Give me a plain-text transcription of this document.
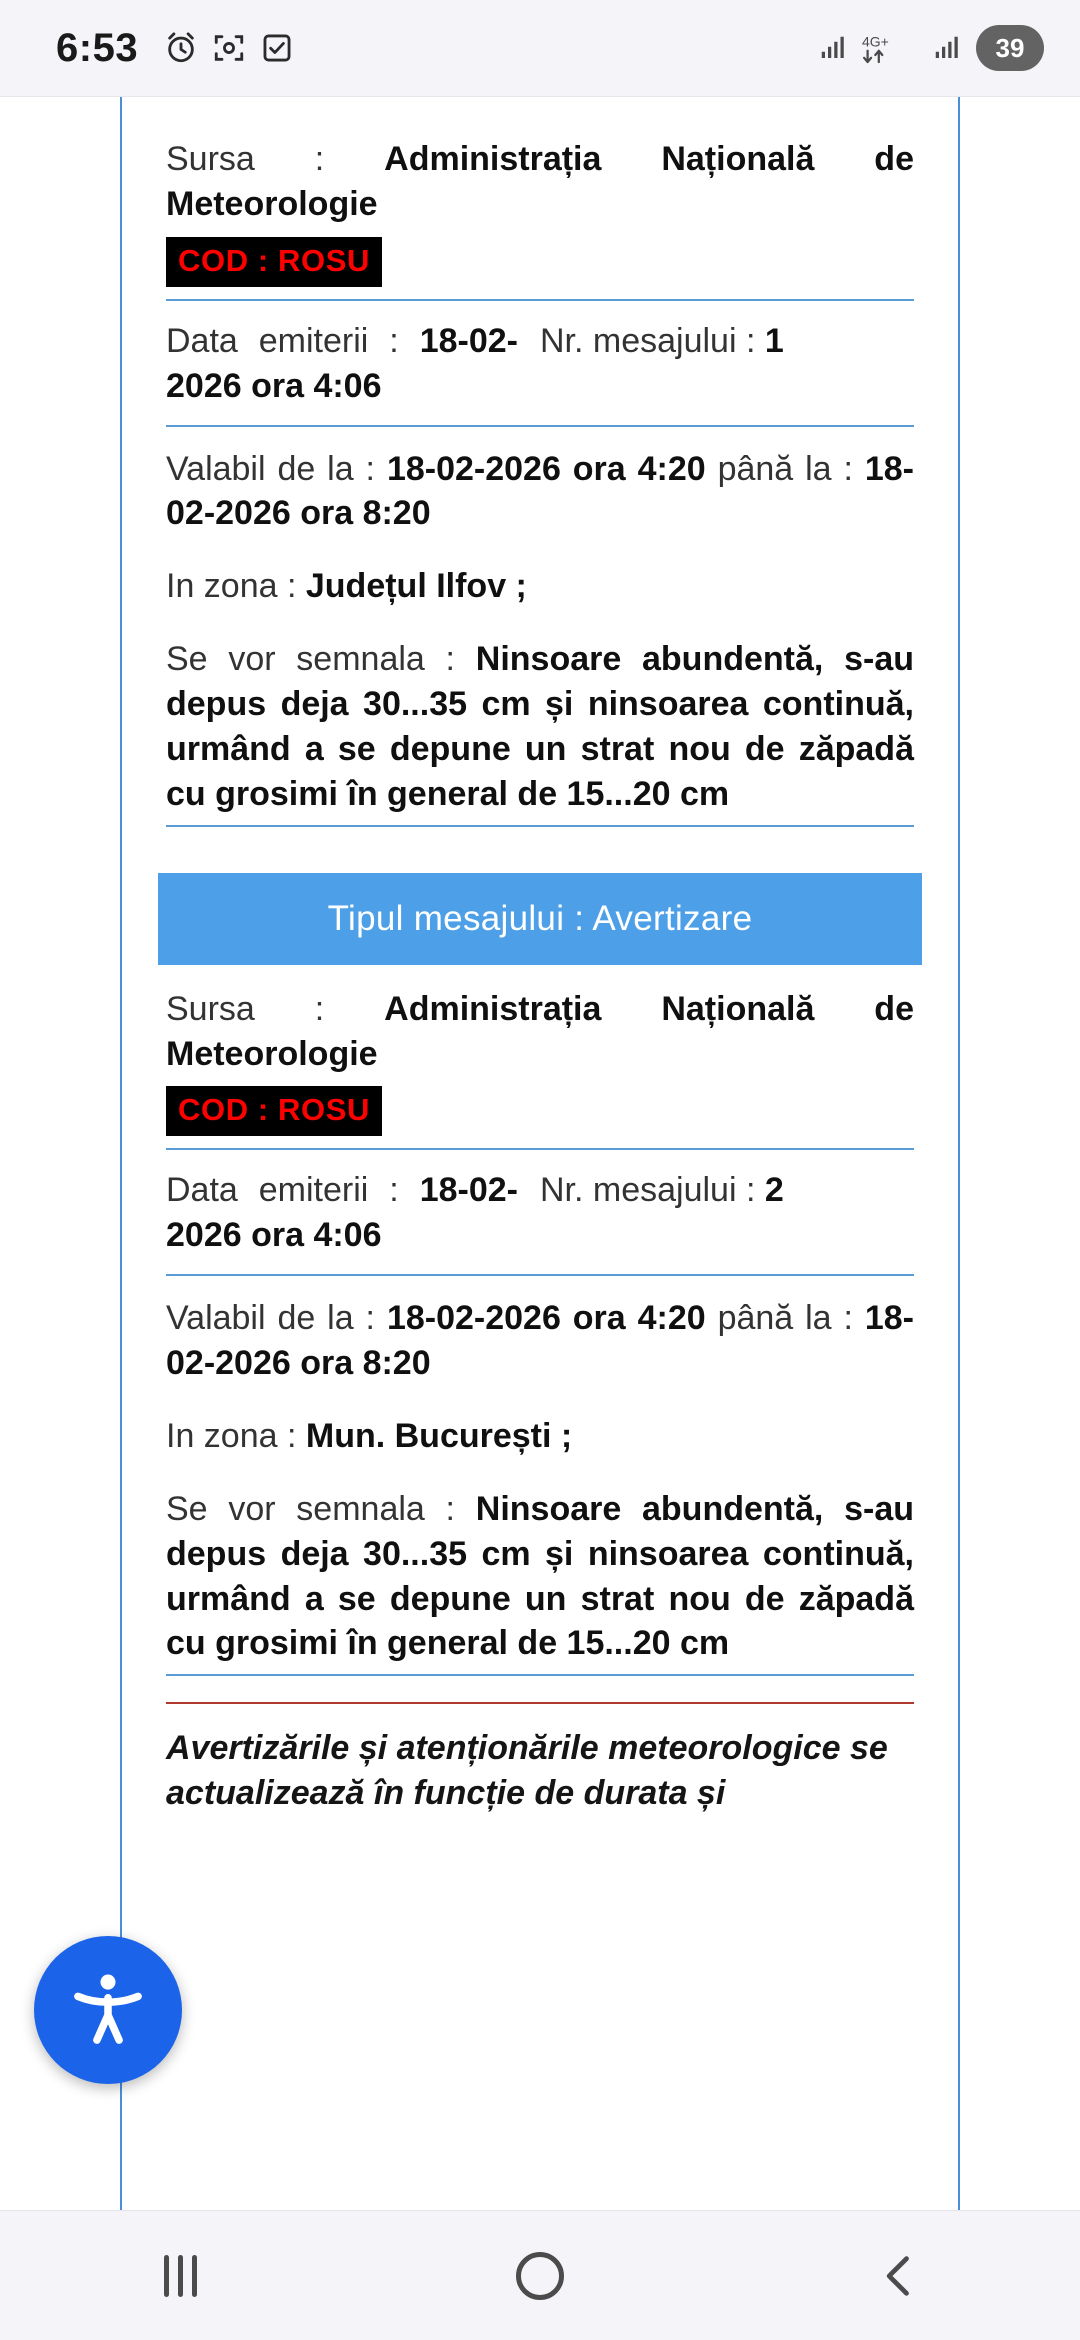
6:53	4G+	39
Sursa : Administrația Națională de Meteorologie
COD : ROSU
Data emiterii : 18-02-2026 ora 4:06
Nr. mesajului : 1
Valabil de la : 18-02-2026 ora 4:20 până la : 18-02-2026 ora 8:20
In zona : Județul Ilfov ;
Se vor semnala : Ninsoare abundentă, s-au depus deja 30...35 cm și ninsoarea continuă, urmând a se depune un strat nou de zăpadă cu grosimi în general de 15...20 cm
Tipul mesajului : Avertizare
Sursa : Administrația Națională de Meteorologie
COD : ROSU
Data emiterii : 18-02-2026 ora 4:06
Nr. mesajului : 2
Valabil de la : 18-02-2026 ora 4:20 până la : 18-02-2026 ora 8:20
In zona : Mun. București ;
Se vor semnala : Ninsoare abundentă, s-au depus deja 30...35 cm și ninsoarea continuă, urmând a se depune un strat nou de zăpadă cu grosimi în general de 15...20 cm
Avertizările și atenționările meteorologice se actualizează în funcție de durata și
